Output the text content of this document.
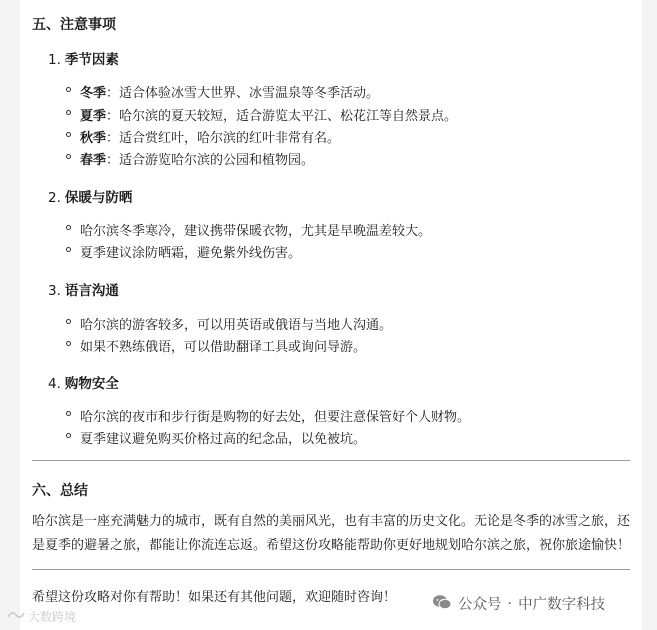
五、注意事项
1. 季节因素
冬季：适合体验冰雪大世界、冰雪温泉等冬季活动。
夏季：哈尔滨的夏天较短，适合游览太平江、松花江等自然景点。
秋季：适合赏红叶，哈尔滨的红叶非常有名。
春季：适合游览哈尔滨的公园和植物园。
2. 保暖与防晒
哈尔滨冬季寒冷，建议携带保暖衣物，尤其是早晚温差较大。
夏季建议涂防晒霜，避免紫外线伤害。
3. 语言沟通
哈尔滨的游客较多，可以用英语或俄语与当地人沟通。
如果不熟练俄语，可以借助翻译工具或询问导游。
4. 购物安全
哈尔滨的夜市和步行街是购物的好去处，但要注意保管好个人财物。
夏季建议避免购买价格过高的纪念品，以免被坑。
六、总结
哈尔滨是一座充满魅力的城市，既有自然的美丽风光，也有丰富的历史文化。无论是冬季的冰雪之旅，还是夏季的避暑之旅，都能让你流连忘返。希望这份攻略能帮助你更好地规划哈尔滨之旅，祝你旅途愉快！
希望这份攻略对你有帮助！如果还有其他问题，欢迎随时咨询！
大数跨境
公众号 · 中广数字科技
